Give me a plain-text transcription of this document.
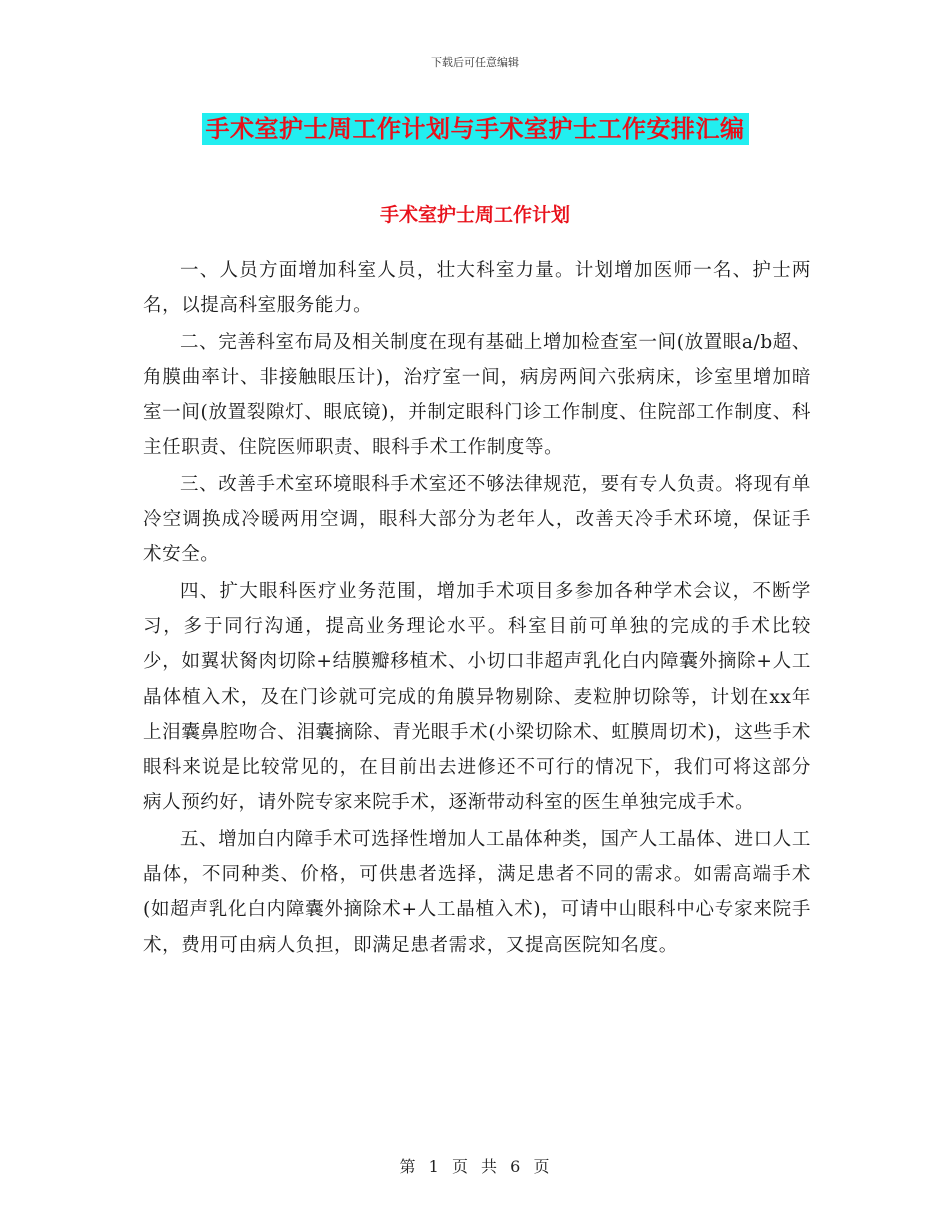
下载后可任意编辑
手术室护士周工作计划与手术室护士工作安排汇编
手术室护士周工作计划

一、人员方面增加科室人员，壮大科室力量。计划增加医师一名、护士两名，以提高科室服务能力。

二、完善科室布局及相关制度在现有基础上增加检查室一间(放置眼a/b超、角膜曲率计、非接触眼压计)，治疗室一间，病房两间六张病床，诊室里增加暗室一间(放置裂隙灯、眼底镜)，并制定眼科门诊工作制度、住院部工作制度、科主任职责、住院医师职责、眼科手术工作制度等。

三、改善手术室环境眼科手术室还不够法律规范，要有专人负责。将现有单冷空调换成冷暖两用空调，眼科大部分为老年人，改善天冷手术环境，保证手术安全。

四、扩大眼科医疗业务范围，增加手术项目多参加各种学术会议，不断学习，多于同行沟通，提高业务理论水平。科室目前可单独的完成的手术比较少，如翼状胬肉切除+结膜瓣移植术、小切口非超声乳化白内障囊外摘除+人工晶体植入术，及在门诊就可完成的角膜异物剔除、麦粒肿切除等，计划在xx年上泪囊鼻腔吻合、泪囊摘除、青光眼手术(小梁切除术、虹膜周切术)，这些手术眼科来说是比较常见的，在目前出去进修还不可行的情况下，我们可将这部分病人预约好，请外院专家来院手术，逐渐带动科室的医生单独完成手术。

五、增加白内障手术可选择性增加人工晶体种类，国产人工晶体、进口人工晶体，不同种类、价格，可供患者选择，满足患者不同的需求。如需高端手术(如超声乳化白内障囊外摘除术+人工晶植入术)，可请中山眼科中心专家来院手术，费用可由病人负担，即满足患者需求，又提高医院知名度。

第 1 页 共 6 页
